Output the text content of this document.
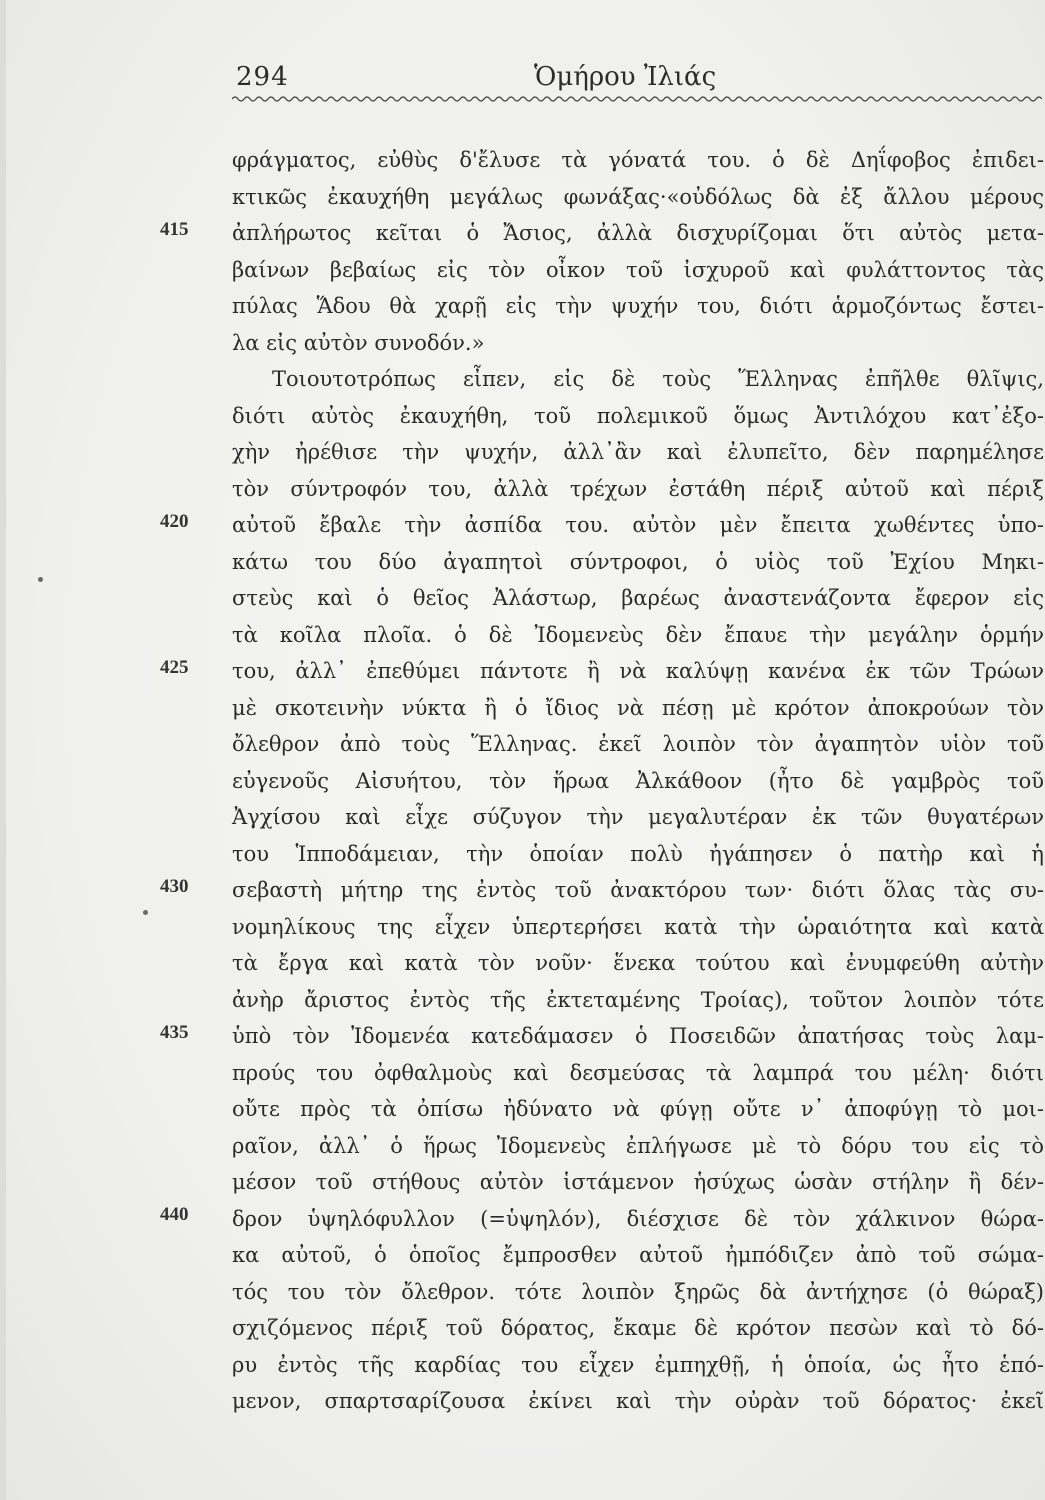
294	Ὁμήρου Ἰλιάς
415
420
425
430
435
440
φράγματος, εὐθὺς δ'ἔλυσε τὰ γόνατά του. ὁ δὲ Δηΐφοβος ἐπιδει-
κτικῶς ἐκαυχήθη μεγάλως φωνάξας·«οὐδόλως δὰ ἐξ ἄλλου μέρους
ἀπλήρωτος κεῖται ὁ Ἄσιος, ἀλλὰ δισχυρίζομαι ὅτι αὐτὸς μετα-
βαίνων βεβαίως εἰς τὸν οἶκον τοῦ ἰσχυροῦ καὶ φυλάττοντος τὰς
πύλας Ἅδου θὰ χαρῇ εἰς τὴν ψυχήν του, διότι ἁρμοζόντως ἔστει-
λα εἰς αὐτὸν συνοδόν.»
Τοιουτοτρόπως εἶπεν, εἰς δὲ τοὺς Ἕλληνας ἐπῆλθε θλῖψις,
διότι αὐτὸς ἐκαυχήθη, τοῦ πολεμικοῦ ὅμως Ἀντιλόχου κατ᾽ἐξο-
χὴν ἠρέθισε τὴν ψυχήν, ἀλλ᾽ἂν καὶ ἐλυπεῖτο, δὲν παρημέλησε
τὸν σύντροφόν του, ἀλλὰ τρέχων ἐστάθη πέριξ αὐτοῦ καὶ πέριξ
αὐτοῦ ἔβαλε τὴν ἀσπίδα του. αὐτὸν μὲν ἔπειτα χωθέντες ὑπο-
κάτω του δύο ἀγαπητοὶ σύντροφοι, ὁ υἱὸς τοῦ Ἐχίου Μηκι-
στεὺς καὶ ὁ θεῖος Ἀλάστωρ, βαρέως ἀναστενάζοντα ἔφερον εἰς
τὰ κοῖλα πλοῖα. ὁ δὲ Ἰδομενεὺς δὲν ἔπαυε τὴν μεγάλην ὁρμήν
του, ἀλλ᾽ ἐπεθύμει πάντοτε ἢ νὰ καλύψῃ κανένα ἐκ τῶν Τρώων
μὲ σκοτεινὴν νύκτα ἢ ὁ ἴδιος νὰ πέσῃ μὲ κρότον ἀποκρούων τὸν
ὄλεθρον ἀπὸ τοὺς Ἕλληνας. ἐκεῖ λοιπὸν τὸν ἀγαπητὸν υἱὸν τοῦ
εὐγενοῦς Αἰσυήτου, τὸν ἥρωα Ἀλκάθοον (ἦτο δὲ γαμβρὸς τοῦ
Ἀγχίσου καὶ εἶχε σύζυγον τὴν μεγαλυτέραν ἐκ τῶν θυγατέρων
του Ἱπποδάμειαν, τὴν ὁποίαν πολὺ ἠγάπησεν ὁ πατὴρ καὶ ἡ
σεβαστὴ μήτηρ της ἐντὸς τοῦ ἀνακτόρου των· διότι ὅλας τὰς συ-
νομηλίκους της εἶχεν ὑπερτερήσει κατὰ τὴν ὡραιότητα καὶ κατὰ
τὰ ἔργα καὶ κατὰ τὸν νοῦν· ἕνεκα τούτου καὶ ἐνυμφεύθη αὐτὴν
ἀνὴρ ἄριστος ἐντὸς τῆς ἐκτεταμένης Τροίας), τοῦτον λοιπὸν τότε
ὑπὸ τὸν Ἰδομενέα κατεδάμασεν ὁ Ποσειδῶν ἀπατήσας τοὺς λαμ-
προύς του ὀφθαλμοὺς καὶ δεσμεύσας τὰ λαμπρά του μέλη· διότι
οὔτε πρὸς τὰ ὀπίσω ἠδύνατο νὰ φύγῃ οὔτε ν᾽ ἀποφύγῃ τὸ μοι-
ραῖον, ἀλλ᾽ ὁ ἥρως Ἰδομενεὺς ἐπλήγωσε μὲ τὸ δόρυ του εἰς τὸ
μέσον τοῦ στήθους αὐτὸν ἱστάμενον ἡσύχως ὡσὰν στήλην ἢ δέν-
δρον ὑψηλόφυλλον (=ὑψηλόν), διέσχισε δὲ τὸν χάλκινον θώρα-
κα αὐτοῦ, ὁ ὁποῖος ἔμπροσθεν αὐτοῦ ἠμπόδιζεν ἀπὸ τοῦ σώμα-
τός του τὸν ὄλεθρον. τότε λοιπὸν ξηρῶς δὰ ἀντήχησε (ὁ θώραξ)
σχιζόμενος πέριξ τοῦ δόρατος, ἔκαμε δὲ κρότον πεσὼν καὶ τὸ δό-
ρυ ἐντὸς τῆς καρδίας του εἶχεν ἐμπηχθῇ, ἡ ὁποία, ὡς ἦτο ἑπό-
μενον, σπαρτσαρίζουσα ἐκίνει καὶ τὴν οὐρὰν τοῦ δόρατος· ἐκεῖ
